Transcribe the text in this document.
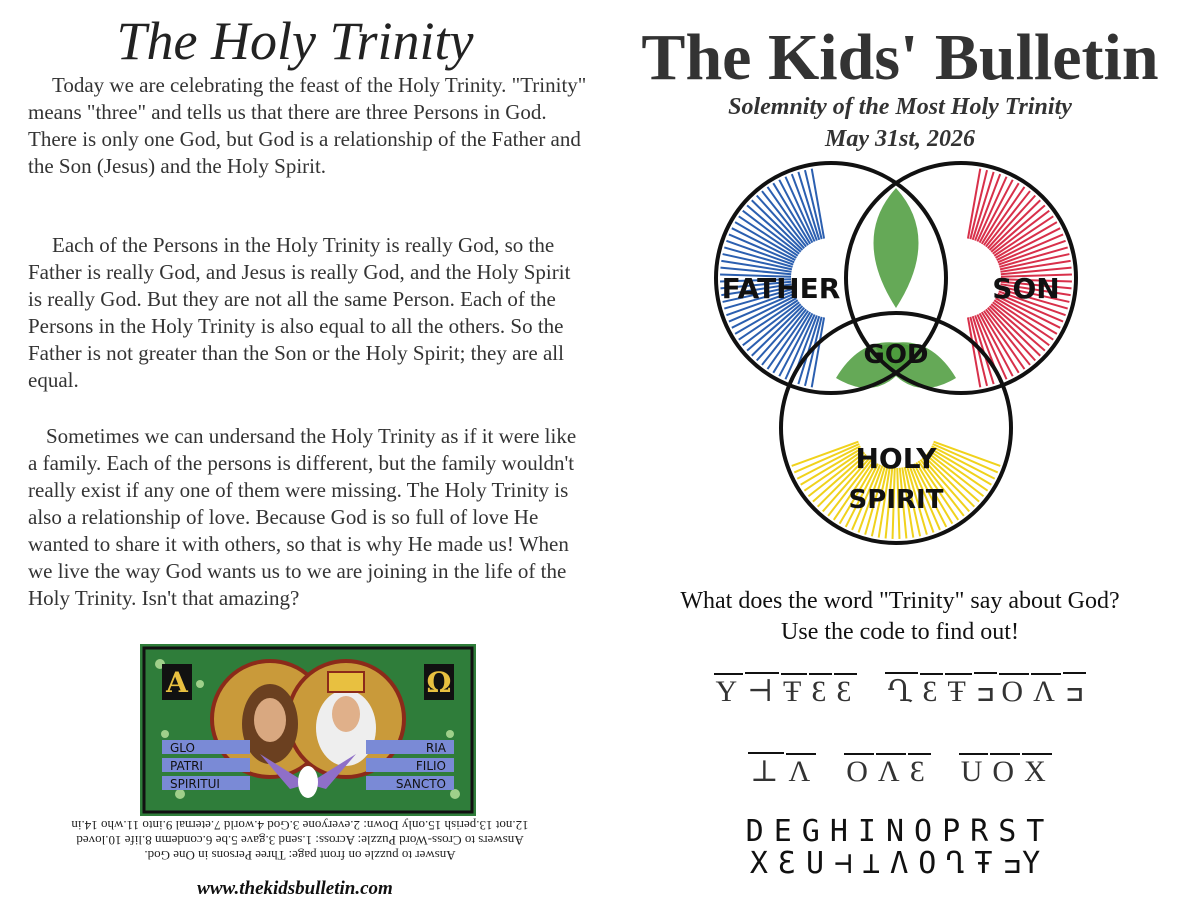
The Holy Trinity

Today we are celebrating the feast of the Holy Trinity. "Trinity" means "three" and tells us that there are three Persons in God. There is only one God, but God is a relationship of the Father and the Son (Jesus) and the Holy Spirit.

Each of the Persons in the Holy Trinity is really God, so the Father is really God, and Jesus is really God, and the Holy Spirit is really God. But they are not all the same Person. Each of the Persons in the Holy Trinity is also equal to all the others. So the Father is not greater than the Son or the Holy Spirit; they are all equal.

Sometimes we can undersand the Holy Trinity as if it were like a family. Each of the persons is different, but the family wouldn't really exist if any one of them were missing. The Holy Trinity is also a relationship of love. Because God is so full of love He wanted to share it with others, so that is why He made us! When we live the way God wants us to we are joining in the life of the Holy Trinity. Isn't that amazing?

A	Ω
GLO
PATRI
SPIRITUI
RIA
FILIO
SANCTO
Answer to puzzle on front page: Three Persons in One God.
Answers to Cross-Word Puzzle: Across: 1.send 3.gave 5.be 6.condemn 8.life 10.loved
12.not 13.perish 15.only Down: 2.everyone 3.God 4.world 7.eternal 9.into 11.who 14.in
www.thekidsbulletin.com
The Kids' Bulletin
Solemnity of the Most Holy Trinity
May 31st, 2026
FATHER	SON
GOD
HOLY
SPIRIT
What does the word "Trinity" say about God?
Use the code to find out!
Y ⊣ Ŧ Ɛ Ɛ Ղ Ɛ Ŧ ߏ Ο Λ ߏ
⊥ Λ Ο Λ Ɛ U Ο X
DEGHINOPRST
XƐU⊣⊥ΛΟՂŦߏY
